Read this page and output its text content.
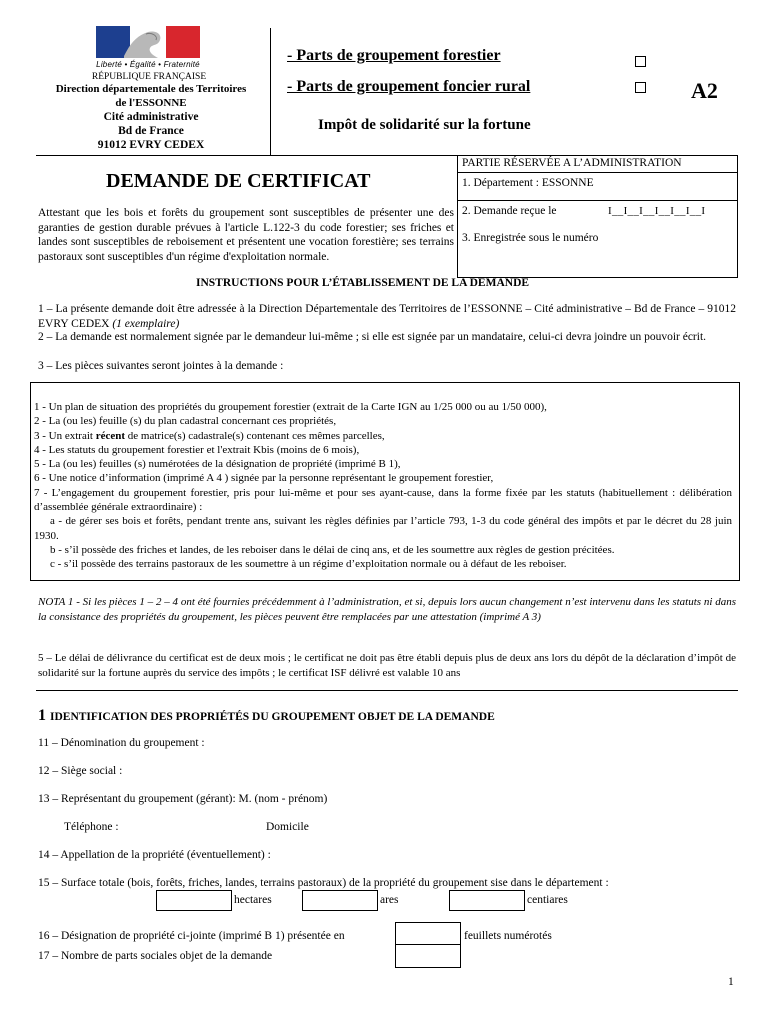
Liberté • Égalité • Fraternité
RÉPUBLIQUE FRANÇAISE
Direction départementale des Territoires
de l'ESSONNE
Cité administrative
Bd de France
91012 EVRY CEDEX
- Parts de groupement forestier
- Parts de groupement foncier rural	A2
Impôt de solidarité sur la fortune
DEMANDE DE CERTIFICAT
Attestant que les bois et forêts du groupement sont susceptibles de présenter une des garanties de gestion durable prévues à l'article L.122-3 du code forestier; ses friches et landes sont susceptibles de reboisement et présentent une vocation forestière; ses terrains pastoraux sont susceptibles d'un régime d'exploitation normale.
PARTIE RÉSERVÉE A L’ADMINISTRATION
1. Département : ESSONNE
2. Demande reçue le	I__I__I__I__I__I__I
3. Enregistrée sous le numéro
INSTRUCTIONS POUR L’ÉTABLISSEMENT DE LA DEMANDE
1 – La présente demande doit être adressée à la Direction Départementale des Territoires de l’ESSONNE – Cité administrative – Bd de France – 91012 EVRY CEDEX (1 exemplaire)
2 – La demande est normalement signée par le demandeur lui-même ; si elle est signée par un mandataire, celui-ci devra joindre un pouvoir écrit.
3 – Les pièces suivantes seront jointes à la demande :
1 - Un plan de situation des propriétés du groupement forestier (extrait de la Carte IGN au 1/25 000 ou au 1/50 000),
2 - La (ou les) feuille (s) du plan cadastral concernant ces propriétés,
3 - Un extrait récent de matrice(s) cadastrale(s) contenant ces mêmes parcelles,
4 - Les statuts du groupement forestier et l'extrait Kbis (moins de 6 mois),
5 - La (ou les) feuilles (s) numérotées de la désignation de propriété (imprimé B 1),
6 - Une notice d’information (imprimé A 4 ) signée par la personne représentant le groupement forestier,
7 - L’engagement du groupement forestier, pris pour lui-même et pour ses ayant-cause, dans la forme fixée par les statuts (habituellement : délibération d’assemblée générale extraordinaire) :
a - de gérer ses bois et forêts, pendant trente ans, suivant les règles définies par l’article 793, 1-3 du code général des impôts et par le décret du 28 juin 1930.
b - s’il possède des friches et landes, de les reboiser dans le délai de cinq ans, et de les soumettre aux règles de gestion précitées.
c - s’il possède des terrains pastoraux de les soumettre à un régime d’exploitation normale ou à défaut de les reboiser.
NOTA 1 - Si les pièces 1 – 2 – 4 ont été fournies précédemment à l’administration, et si, depuis lors aucun changement n’est intervenu dans les statuts ni dans la consistance des propriétés du groupement, les pièces peuvent être remplacées par une attestation (imprimé A 3)
5 – Le délai de délivrance du certificat est de deux mois ; le certificat ne doit pas être établi depuis plus de deux ans lors du dépôt de la déclaration d’impôt de solidarité sur la fortune auprès du service des impôts ; le certificat ISF délivré est valable 10 ans
1 IDENTIFICATION DES PROPRIÉTÉS DU GROUPEMENT OBJET DE LA DEMANDE
11 – Dénomination du groupement :
12 – Siège social :
13 – Représentant du groupement (gérant): M. (nom - prénom)
Téléphone :	Domicile
14 – Appellation de la propriété (éventuellement) :
15 – Surface totale (bois, forêts, friches, landes, terrains pastoraux) de la propriété du groupement sise dans le département :
hectares	ares	centiares
16 – Désignation de propriété ci-jointe (imprimé B 1) présentée en	feuillets numérotés
17 – Nombre de parts sociales objet de la demande
1
